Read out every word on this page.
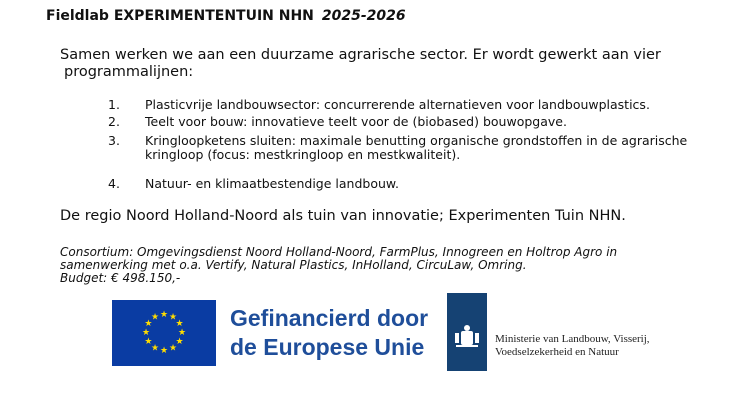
Fieldlab EXPERIMENTENTUIN NHN 2025-2026
Samen werken we aan een duurzame agrarische sector. Er wordt gewerkt aan vier
programmalijnen:
1. Plasticvrije landbouwsector: concurrerende alternatieven voor landbouwplastics.
2. Teelt voor bouw: innovatieve teelt voor de (biobased) bouwopgave.
3. Kringloopketens sluiten: maximale benutting organische grondstoffen in de agrarische
kringloop (focus: mestkringloop en mestkwaliteit).
4. Natuur- en klimaatbestendige landbouw.
De regio Noord Holland-Noord als tuin van innovatie; Experimenten Tuin NHN.
Consortium: Omgevingsdienst Noord Holland-Noord, FarmPlus, Innogreen en Holtrop Agro in
samenwerking met o.a. Vertify, Natural Plastics, InHolland, CircuLaw, Omring.
Budget: € 498.150,-
★ ★
★
★
★
★
★
★
★
★
★
★	Gefinancierd door
de Europese Unie	Ministerie van Landbouw, Visserij,
Voedselzekerheid en Natuur
